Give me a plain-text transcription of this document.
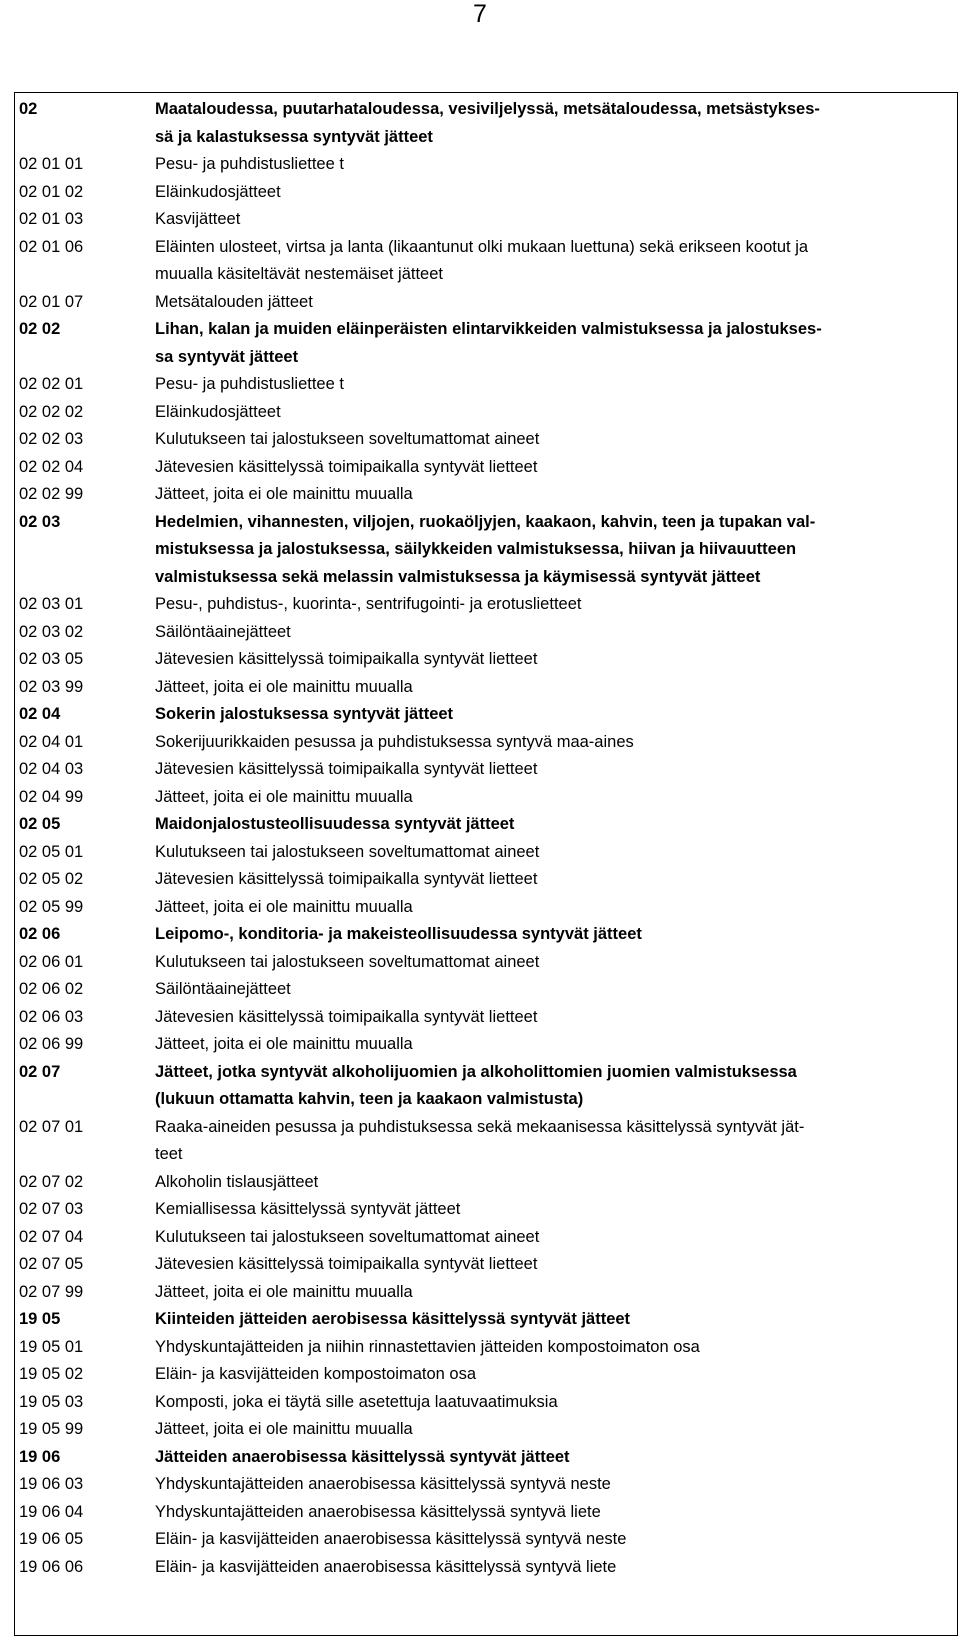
7
02	Maataloudessa, puutarhataloudessa, vesiviljelyssä, metsätaloudessa, metsästykses-
sä ja kalastuksessa syntyvät jätteet
02 01 01	Pesu- ja puhdistusliettee t
02 01 02	Eläinkudosjätteet
02 01 03	Kasvijätteet
02 01 06	Eläinten ulosteet, virtsa ja lanta (likaantunut olki mukaan luettuna) sekä erikseen kootut ja
muualla käsiteltävät nestemäiset jätteet
02 01 07	Metsätalouden jätteet
02 02	Lihan, kalan ja muiden eläinperäisten elintarvikkeiden valmistuksessa ja jalostukses-
sa syntyvät jätteet
02 02 01	Pesu- ja puhdistusliettee t
02 02 02	Eläinkudosjätteet
02 02 03	Kulutukseen tai jalostukseen soveltumattomat aineet
02 02 04	Jätevesien käsittelyssä toimipaikalla syntyvät lietteet
02 02 99	Jätteet, joita ei ole mainittu muualla
02 03	Hedelmien, vihannesten, viljojen, ruokaöljyjen, kaakaon, kahvin, teen ja tupakan val-
mistuksessa ja jalostuksessa, säilykkeiden valmistuksessa, hiivan ja hiivauutteen
valmistuksessa sekä melassin valmistuksessa ja käymisessä syntyvät jätteet
02 03 01	Pesu-, puhdistus-, kuorinta-, sentrifugointi- ja erotuslietteet
02 03 02	Säilöntäainejätteet
02 03 05	Jätevesien käsittelyssä toimipaikalla syntyvät lietteet
02 03 99	Jätteet, joita ei ole mainittu muualla
02 04	Sokerin jalostuksessa syntyvät jätteet
02 04 01	Sokerijuurikkaiden pesussa ja puhdistuksessa syntyvä maa-aines
02 04 03	Jätevesien käsittelyssä toimipaikalla syntyvät lietteet
02 04 99	Jätteet, joita ei ole mainittu muualla
02 05	Maidonjalostusteollisuudessa syntyvät jätteet
02 05 01	Kulutukseen tai jalostukseen soveltumattomat aineet
02 05 02	Jätevesien käsittelyssä toimipaikalla syntyvät lietteet
02 05 99	Jätteet, joita ei ole mainittu muualla
02 06	Leipomo-, konditoria- ja makeisteollisuudessa syntyvät jätteet
02 06 01	Kulutukseen tai jalostukseen soveltumattomat aineet
02 06 02	Säilöntäainejätteet
02 06 03	Jätevesien käsittelyssä toimipaikalla syntyvät lietteet
02 06 99	Jätteet, joita ei ole mainittu muualla
02 07	Jätteet, jotka syntyvät alkoholijuomien ja alkoholittomien juomien valmistuksessa
(lukuun ottamatta kahvin, teen ja kaakaon valmistusta)
02 07 01	Raaka-aineiden pesussa ja puhdistuksessa sekä mekaanisessa käsittelyssä syntyvät jät-
teet
02 07 02	Alkoholin tislausjätteet
02 07 03	Kemiallisessa käsittelyssä syntyvät jätteet
02 07 04	Kulutukseen tai jalostukseen soveltumattomat aineet
02 07 05	Jätevesien käsittelyssä toimipaikalla syntyvät lietteet
02 07 99	Jätteet, joita ei ole mainittu muualla
19 05	Kiinteiden jätteiden aerobisessa käsittelyssä syntyvät jätteet
19 05 01	Yhdyskuntajätteiden ja niihin rinnastettavien jätteiden kompostoimaton osa
19 05 02	Eläin- ja kasvijätteiden kompostoimaton osa
19 05 03	Komposti, joka ei täytä sille asetettuja laatuvaatimuksia
19 05 99	Jätteet, joita ei ole mainittu muualla
19 06	Jätteiden anaerobisessa käsittelyssä syntyvät jätteet
19 06 03	Yhdyskuntajätteiden anaerobisessa käsittelyssä syntyvä neste
19 06 04	Yhdyskuntajätteiden anaerobisessa käsittelyssä syntyvä liete
19 06 05	Eläin- ja kasvijätteiden anaerobisessa käsittelyssä syntyvä neste
19 06 06	Eläin- ja kasvijätteiden anaerobisessa käsittelyssä syntyvä liete
